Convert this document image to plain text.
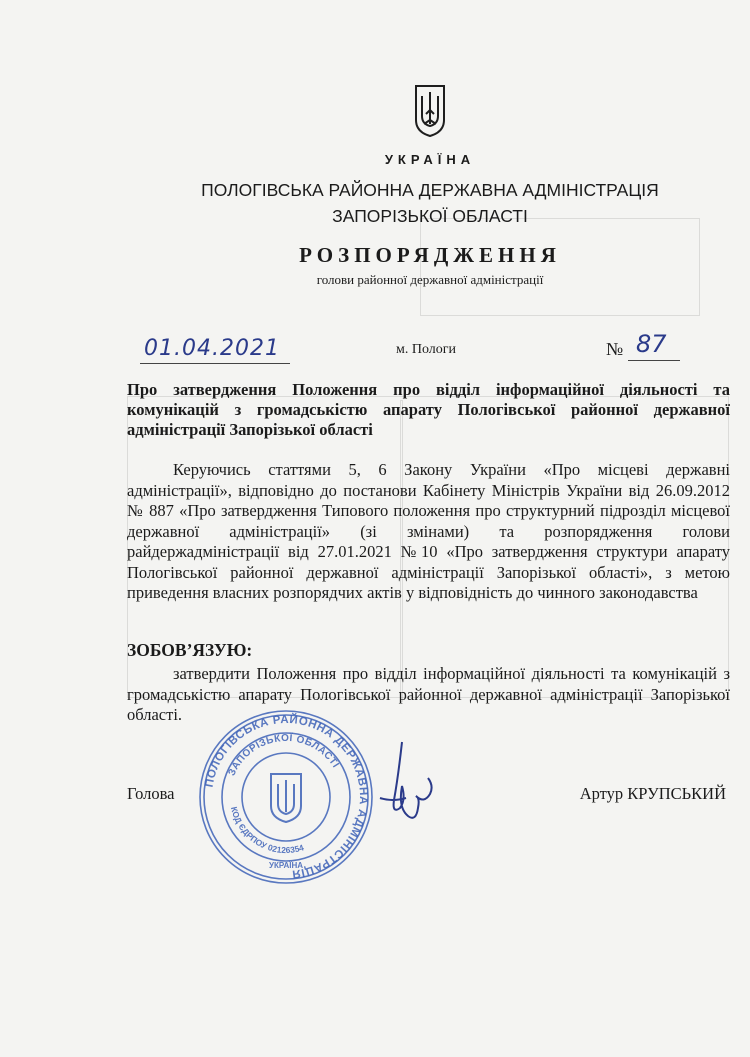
УКРАЇНА
ПОЛОГІВСЬКА РАЙОННА ДЕРЖАВНА АДМІНІСТРАЦІЯ
ЗАПОРІЗЬКОЇ ОБЛАСТІ
РОЗПОРЯДЖЕННЯ
голови районної державної адміністрації
01.04.2021	м. Пологи	№ 87
Про затвердження Положення про відділ інформаційної діяльності та комунікацій з громадськістю апарату Пологівської районної державної адміністрації Запорізької області
Керуючись статтями 5, 6 Закону України «Про місцеві державні адміністрації», відповідно до постанови Кабінету Міністрів України від 26.09.2012 № 887 «Про затвердження Типового положення про структурний підрозділ місцевої державної адміністрації» (зі змінами) та розпорядження голови райдержадміністрації від 27.01.2021 №10 «Про затвердження структури апарату Пологівської районної державної адміністрації Запорізької області», з метою приведення власних розпорядчих актів у відповідність до чинного законодавства
ЗОБОВ’ЯЗУЮ:
затвердити Положення про відділ інформаційної діяльності та комунікацій з громадськістю апарату Пологівської районної державної адміністрації Запорізької області.
ПОЛОГІВСЬКА РАЙОННА ДЕРЖАВНА АДМІНІСТРАЦІЯ
ЗАПОРІЗЬКОЇ ОБЛАСТІ
КОД ЄДРПОУ 02126354
УКРАЇНА
Голова	Артур КРУПСЬКИЙ
